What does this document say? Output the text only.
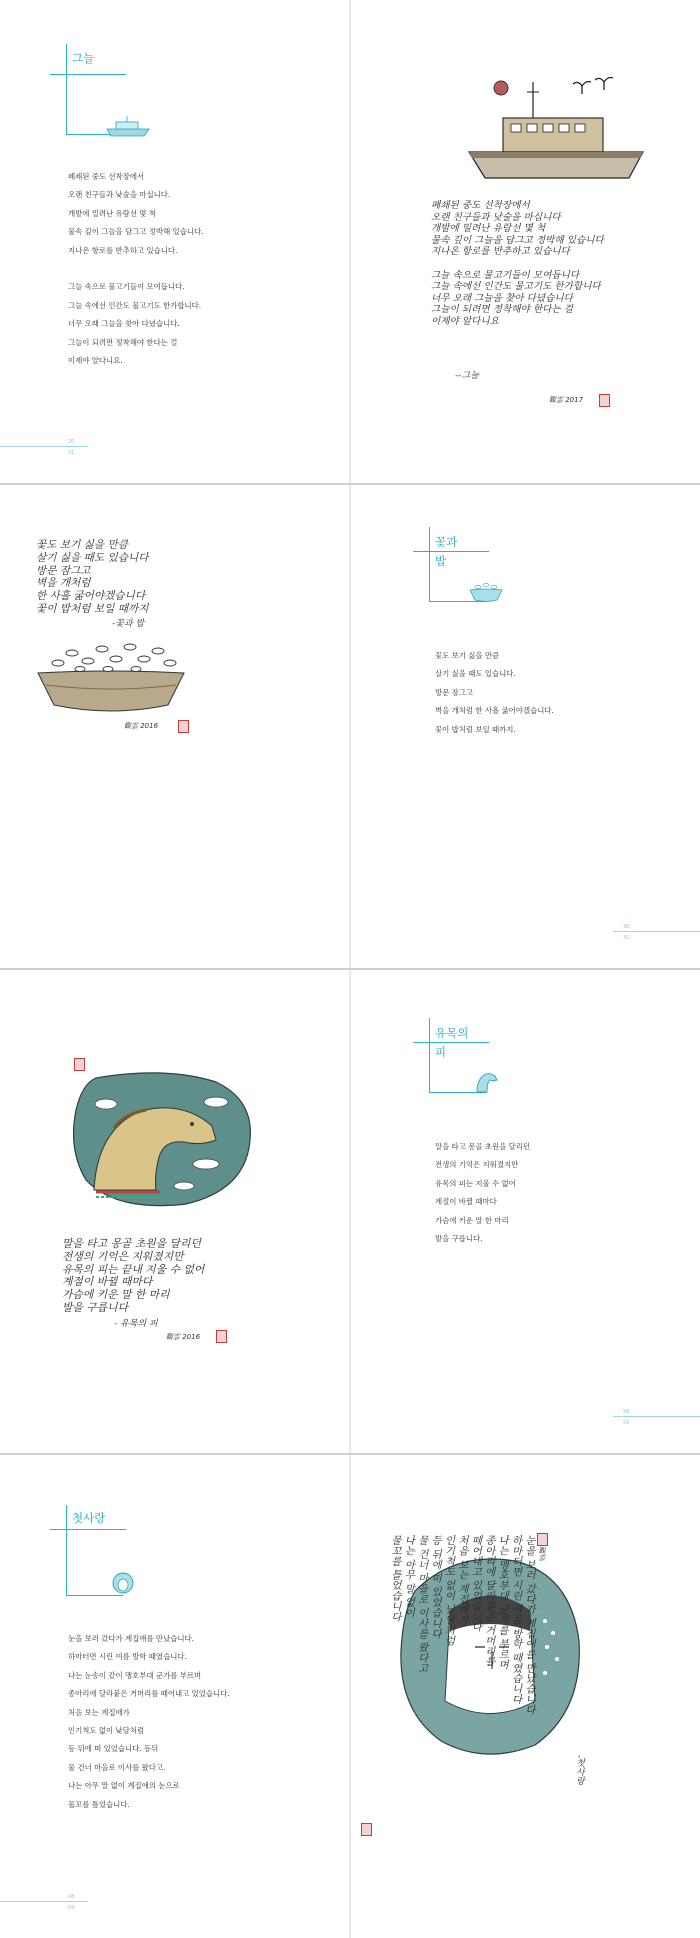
그늘
폐쇄된 중도 선착장에서
오랜 친구들과 낮술을 마십니다.
개발에 밀려난 유람선 몇 척
물속 깊이 그늘을 담그고 정박해 있습니다.
지나온 항로를 반추하고 있습니다.

그늘 속으로 물고기들이 모여듭니다.
그늘 속에선 인간도 물고기도 한가합니다.
너무 오래 그늘을 찾아 다녔습니다.
그늘이 되려면 정착해야 한다는 걸
이제야 알다니요.
20
21
폐쇄된 중도 선착장에서
오랜 친구들과 낮술을 마십니다
개발에 밀려난 유람선 몇 척
물속 깊이 그늘을 담그고 정박해 있습니다
지나온 항로를 반추하고 있습니다

그늘 속으로 물고기들이 모여듭니다
그늘 속에선 인간도 물고기도 한가합니다
너무 오래 그늘을 찾아 다녔습니다
그늘이 되려면 정착해야 한다는 걸
이제야 알다니요
--그늘
觀雲 2017
꽃도 보기 싫을 만큼
살기 싫을 때도 있습니다
방문 잠그고
벽을 개처럼
한 사흘 굶어야겠습니다
꽃이 밥처럼 보일 때까지
-꽃과 밥
觀雲 2016
꽃과
밥
꽃도 보기 싫을 만큼
살기 싫을 때도 있습니다.
방문 잠그고
벽을 개처럼 한 사흘 굶어야겠습니다.
꽃이 밥처럼 보일 때까지.
30
31
말을 타고 몽골 초원을 달리던
전생의 기억은 지워졌지만
유목의 피는 끝내 지울 수 없어
계절이 바뀔 때마다
가슴에 키운 말 한 마리
발을 구릅니다
- 유목의 피
觀雲 2016
유목의
피
말을 타고 몽골 초원을 달리던
전생의 기억은 지워졌지만
유목의 피는 지울 수 없어
계절이 바뀔 때마다
가슴에 키운 말 한 마리
발을 구릅니다.
58
59
첫사랑
눈을 보러 갔다가 계집애를 만났습니다.
하마터면 시린 여름 방학 때였습니다.
나는 눈송이 같이 맹호부대 군가를 부르며
종아리에 달라붙은 거머리를 떼어내고 있었습니다.
처음 보는 계집애가
인기척도 없이 낮달처럼
등 뒤에 떠 있었습니다. 등뒤
물 건너 마을로 이사를 왔다고.
나는 아무 말 없이 계집애의 눈으로
물꼬를 틀었습니다.
08
09
눈을 보러 갔다가 계집애를 만났습니다
하마터면 시린 여름 방학 때였습니다
나는 맹호부대 군가를 부르며
종아리에 달라붙은 거머리를
떼어내고 있었습니다
처음 보는 계집애가
인기척도 없이 낮달처럼
등 뒤에 떠 있었습니다
물 건너 마을로 이사를 왔다고
나는 아무 말 없이
물꼬를 틀었습니다
-첫사랑
觀雲
